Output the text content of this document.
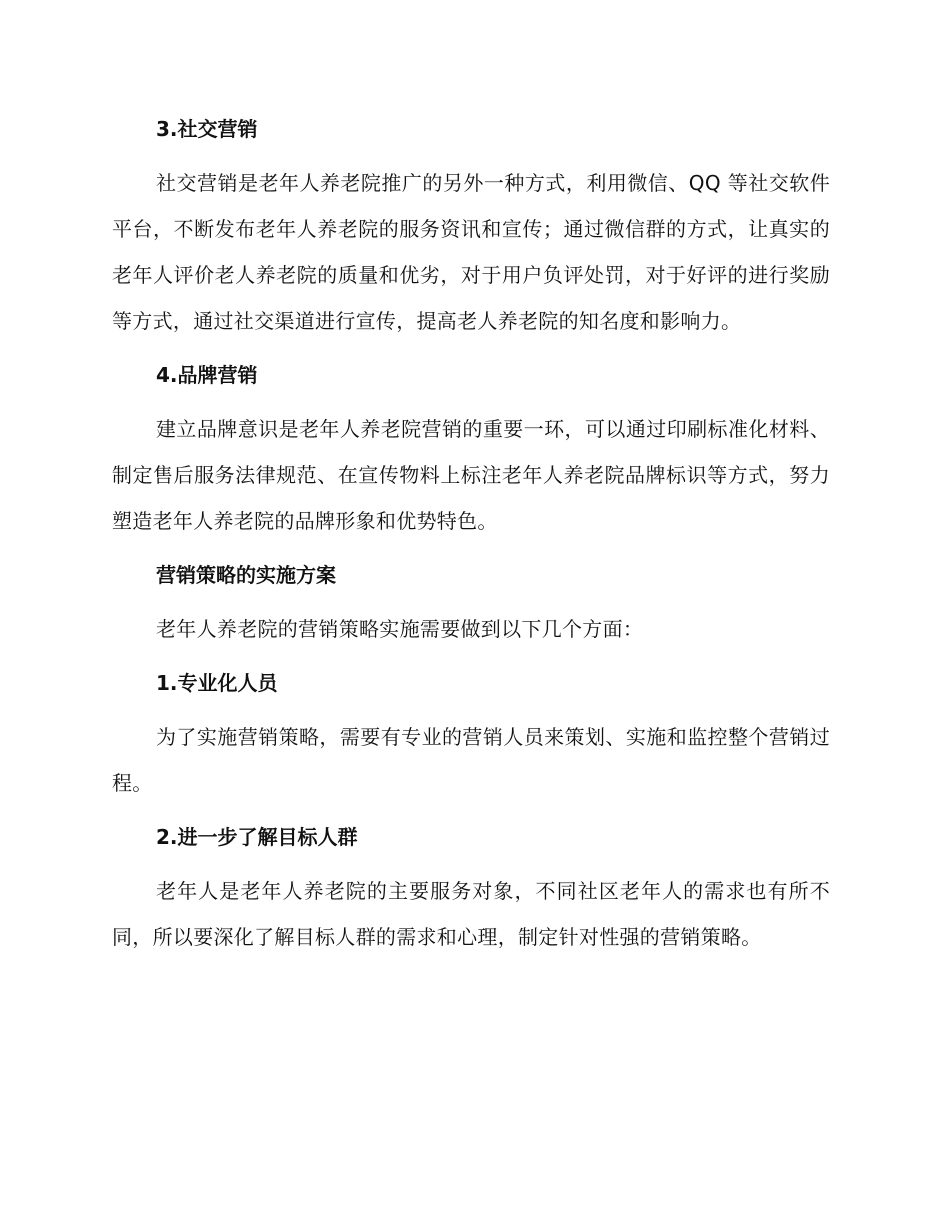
3.社交营销

社交营销是老年人养老院推广的另外一种方式，利用微信、QQ 等社交软件平台，不断发布老年人养老院的服务资讯和宣传；通过微信群的方式，让真实的老年人评价老人养老院的质量和优劣，对于用户负评处罚，对于好评的进行奖励等方式，通过社交渠道进行宣传，提高老人养老院的知名度和影响力。

4.品牌营销

建立品牌意识是老年人养老院营销的重要一环，可以通过印刷标准化材料、制定售后服务法律规范、在宣传物料上标注老年人养老院品牌标识等方式，努力塑造老年人养老院的品牌形象和优势特色。

营销策略的实施方案

老年人养老院的营销策略实施需要做到以下几个方面：

1.专业化人员

为了实施营销策略，需要有专业的营销人员来策划、实施和监控整个营销过程。

2.进一步了解目标人群

老年人是老年人养老院的主要服务对象，不同社区老年人的需求也有所不同，所以要深化了解目标人群的需求和心理，制定针对性强的营销策略。
